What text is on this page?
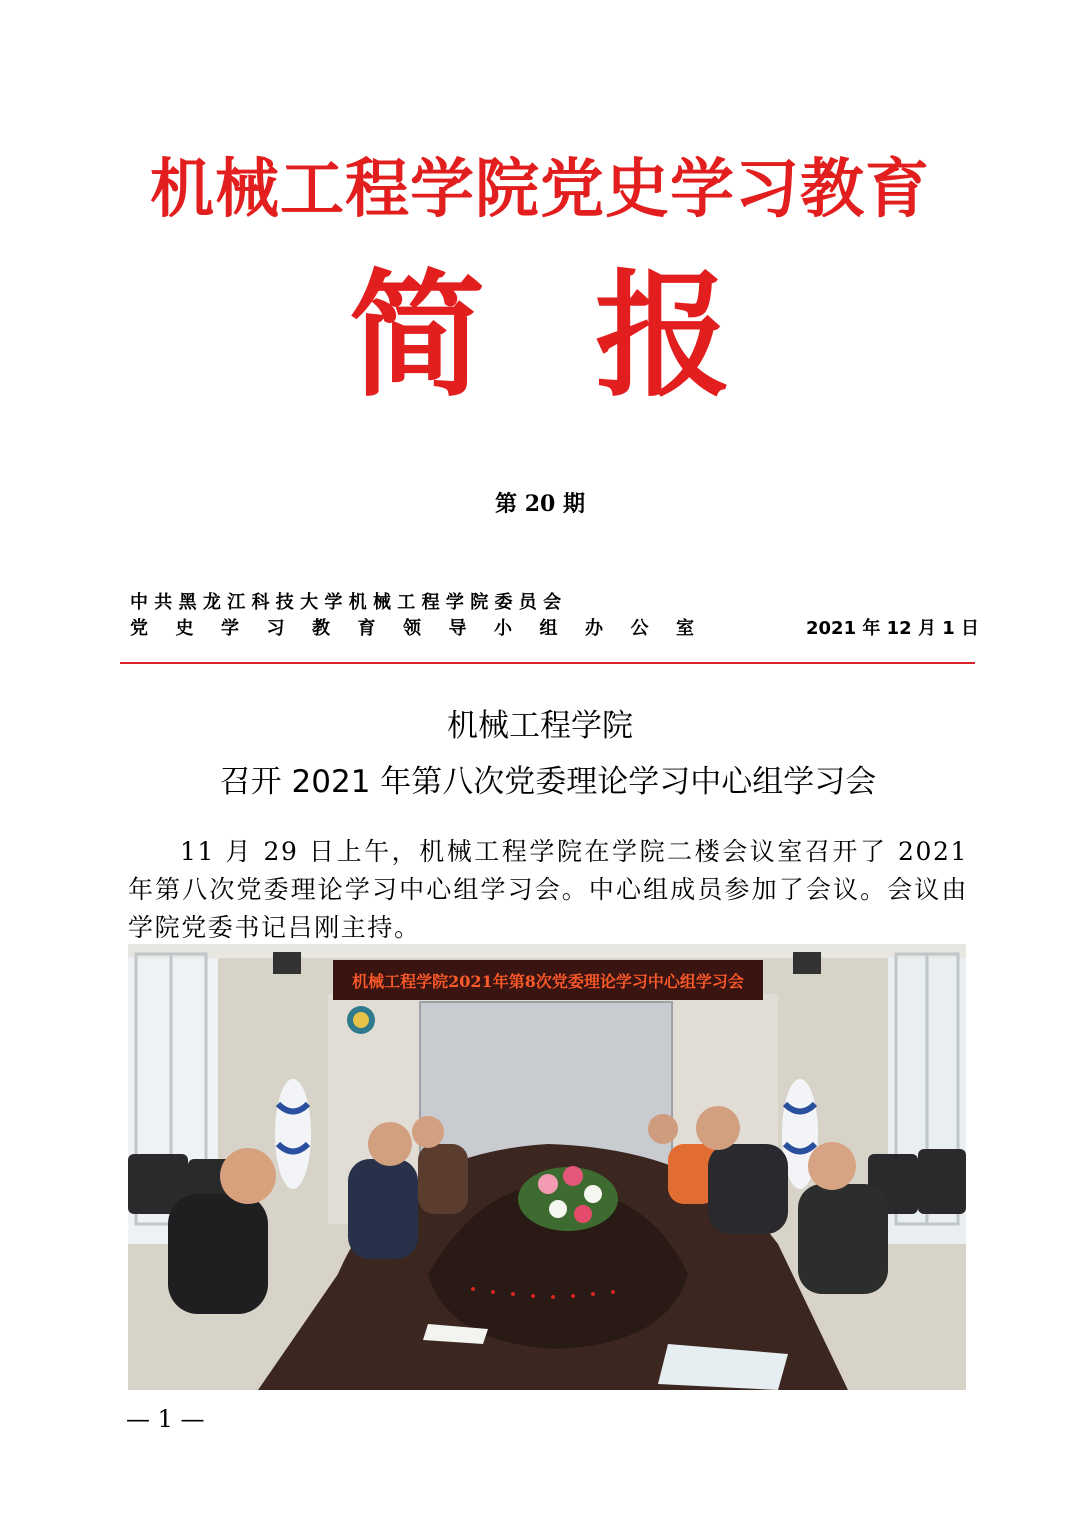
机械工程学院党史学习教育
简 报
第 20 期
中共黑龙江科技大学机械工程学院委员会
党史学习教育领导小组办公室	2021 年 12 月 1 日
机械工程学院
召开 2021 年第八次党委理论学习中心组学习会
11 月 29 日上午，机械工程学院在学院二楼会议室召开了 2021 年第八次党委理论学习中心组学习会。中心组成员参加了会议。会议由学院党委书记吕刚主持。
机械工程学院2021年第8次党委理论学习中心组学习会
— 1 —
